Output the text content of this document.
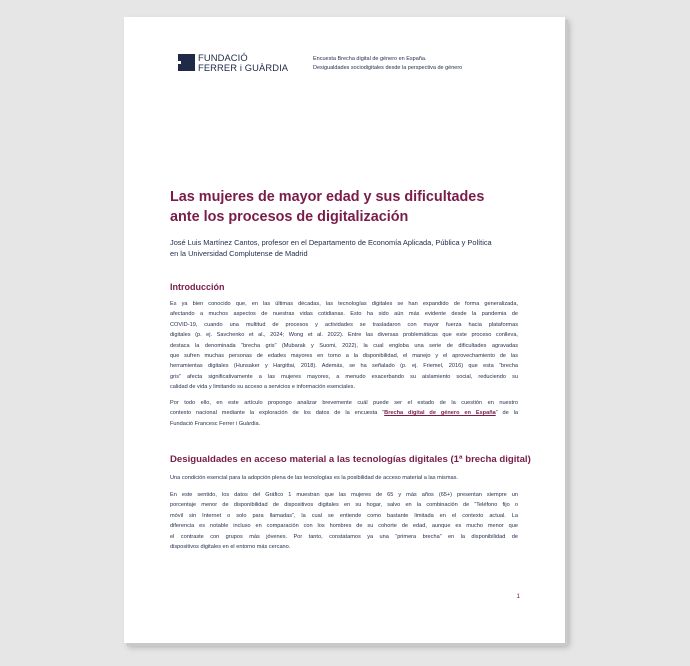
FUNDACIÓ
FERRER i GUÀRDIA
Encuesta Brecha digital de género en España.
Desigualdades sociodigitales desde la perspectiva de género
Las mujeres de mayor edad y sus dificultades
ante los procesos de digitalización

José Luis Martínez Cantos, profesor en el Departamento de Economía Aplicada, Pública y Política
en la Universidad Complutense de Madrid

Introducción

Es ya bien conocido que, en las últimas décadas, las tecnologías digitales se han expandido de forma generalizada,
afectando a muchos aspectos de nuestras vidas cotidianas. Esto ha sido aún más evidente desde la pandemia de
COVID-19, cuando una multitud de procesos y actividades se trasladaron con mayor fuerza hacia plataformas
digitales (p. ej. Savchenko et al., 2024; Wong et al. 2022). Entre las diversas problemáticas que este proceso conlleva,
destaca la denominada “brecha gris” (Mubarak y Suomi, 2022), la cual engloba una serie de dificultades agravadas
que sufren muchas personas de edades mayores en torno a la disponibilidad, el manejo y el aprovechamiento de las
herramientas digitales (Hunsaker y Hargittai, 2018). Además, se ha señalado (p. ej. Friemel, 2016) que esta “brecha
gris” afecta significativamente a las mujeres mayores, a menudo exacerbando su aislamiento social, reduciendo su
calidad de vida y limitando su acceso a servicios e información esenciales.

Por todo ello, en este artículo propongo analizar brevemente cuál puede ser el estado de la cuestión en nuestro
contexto nacional mediante la exploración de los datos de la encuesta “Brecha digital de género en España” de la
Fundació Francesc Ferrer i Guàrdia.

Desigualdades en acceso material a las tecnologías digitales (1ª brecha digital)

Una condición esencial para la adopción plena de las tecnologías es la posibilidad de acceso material a las mismas.

En este sentido, los datos del Gráfico 1 muestran que las mujeres de 65 y más años (65+) presentan siempre un
porcentaje menor de disponibilidad de dispositivos digitales en su hogar, salvo en la combinación de “Teléfono fijo o
móvil sin Internet o solo para llamadas”, la cual se entiende como bastante limitada en el contexto actual. La
diferencia es notable incluso en comparación con los hombres de su cohorte de edad, aunque es mucho menor que
el contraste con grupos más jóvenes. Por tanto, constatamos ya una “primera brecha” en la disponibilidad de
dispositivos digitales en el entorno más cercano.

1
